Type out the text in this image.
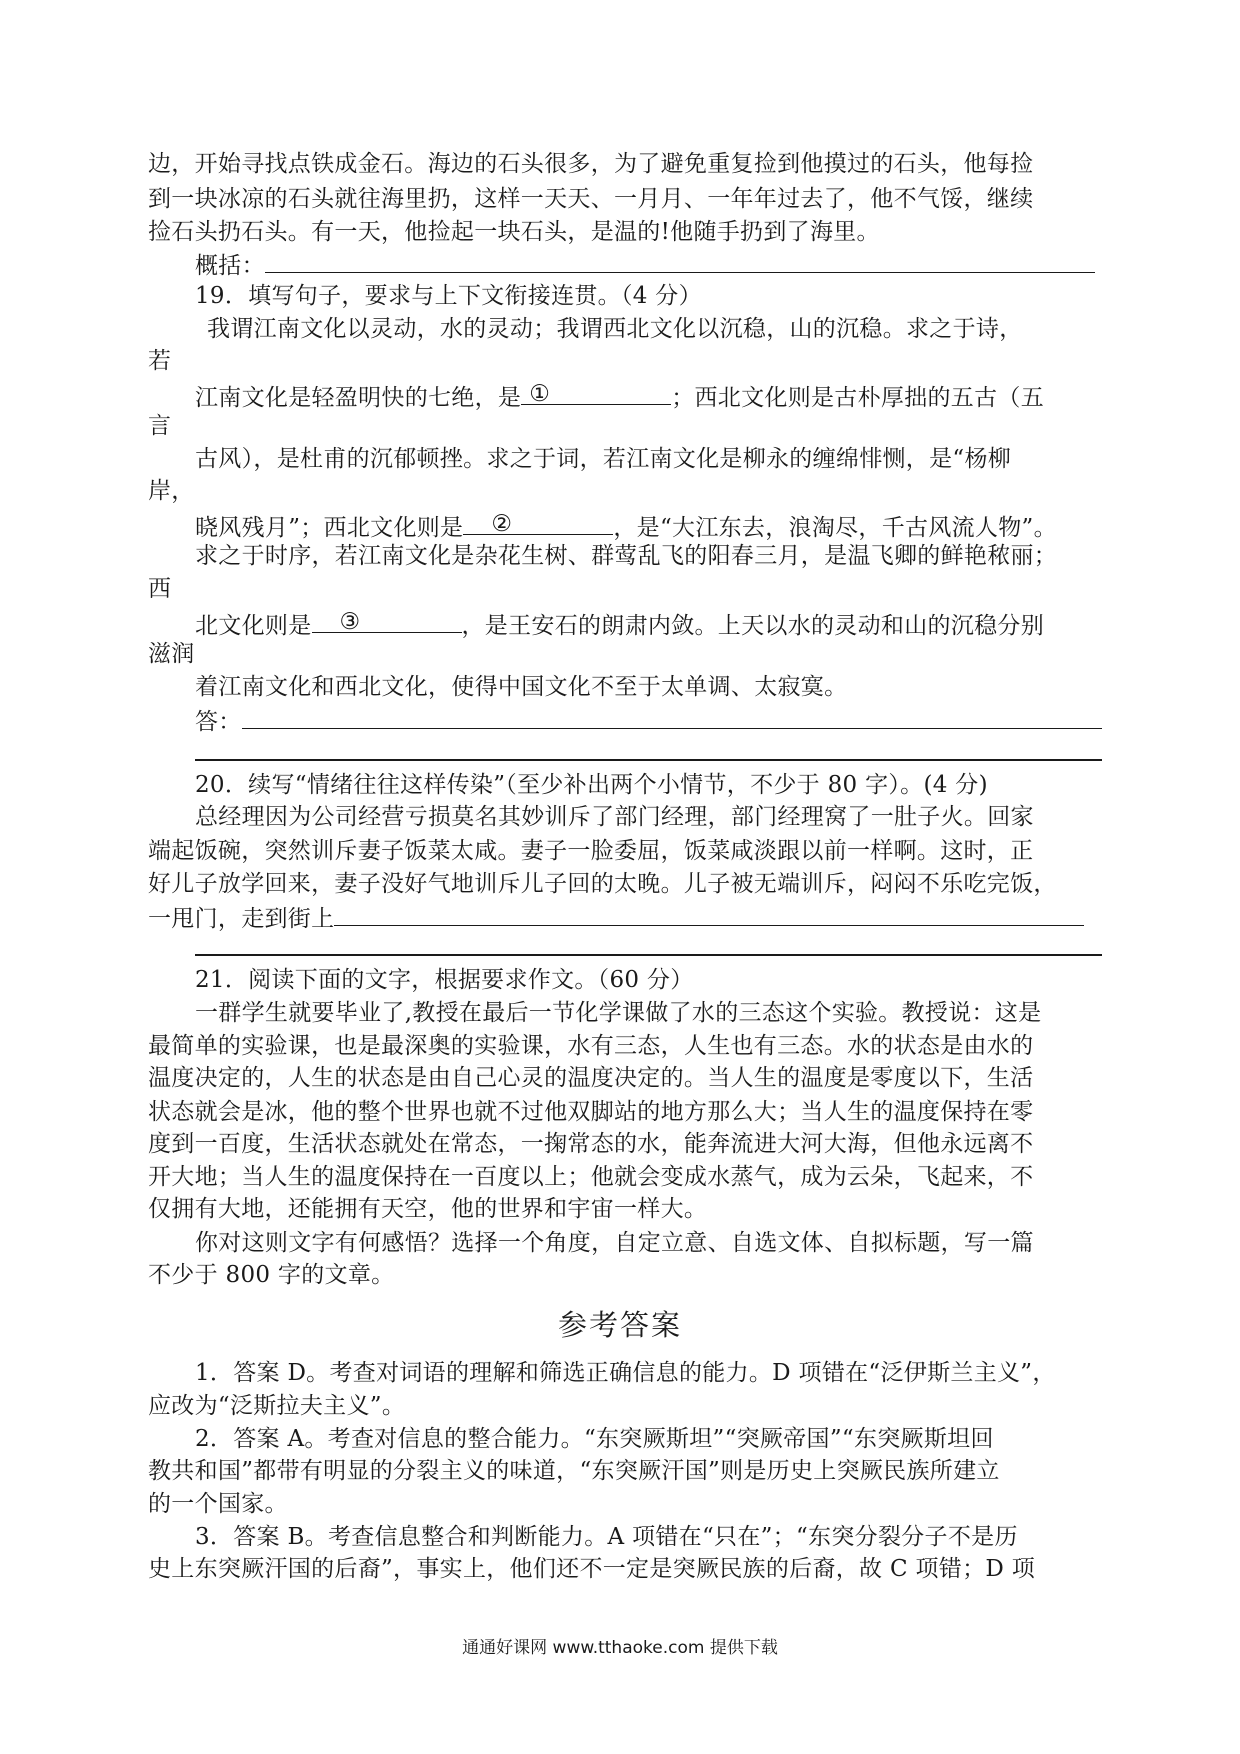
边，开始寻找点铁成金石。海边的石头很多，为了避免重复捡到他摸过的石头，他每捡
到一块冰凉的石头就往海里扔，这样一天天、一月月、一年年过去了，他不气馁，继续
捡石头扔石头。有一天，他捡起一块石头，是温的!他随手扔到了海里。
概括：
19．填写句子，要求与上下文衔接连贯。（4 分）
我谓江南文化以灵动，水的灵动；我谓西北文化以沉稳，山的沉稳。求之于诗，
若
江南文化是轻盈明快的七绝，是 ①	；西北文化则是古朴厚拙的五古（五
言
古风），是杜甫的沉郁顿挫。求之于词，若江南文化是柳永的缠绵悱恻，是“杨柳
岸，
晓风残月”；西北文化则是	②	，是“大江东去，浪淘尽，千古风流人物”。
求之于时序，若江南文化是杂花生树、群莺乱飞的阳春三月，是温飞卿的鲜艳秾丽；
西
北文化则是	③	，是王安石的朗肃内敛。上天以水的灵动和山的沉稳分别
滋润
着江南文化和西北文化，使得中国文化不至于太单调、太寂寞。
答：
20．续写“情绪往往这样传染”（至少补出两个小情节，不少于 80 字）。(4 分)
总经理因为公司经营亏损莫名其妙训斥了部门经理，部门经理窝了一肚子火。回家
端起饭碗，突然训斥妻子饭菜太咸。妻子一脸委屈，饭菜咸淡跟以前一样啊。这时，正
好儿子放学回来，妻子没好气地训斥儿子回的太晚。儿子被无端训斥，闷闷不乐吃完饭，
一甩门，走到街上
21．阅读下面的文字，根据要求作文。（60 分）
一群学生就要毕业了,教授在最后一节化学课做了水的三态这个实验。教授说：这是
最简单的实验课，也是最深奥的实验课，水有三态，人生也有三态。水的状态是由水的
温度决定的，人生的状态是由自己心灵的温度决定的。当人生的温度是零度以下，生活
状态就会是冰，他的整个世界也就不过他双脚站的地方那么大；当人生的温度保持在零
度到一百度，生活状态就处在常态，一掬常态的水，能奔流进大河大海，但他永远离不
开大地；当人生的温度保持在一百度以上；他就会变成水蒸气，成为云朵，飞起来，不
仅拥有大地，还能拥有天空，他的世界和宇宙一样大。
你对这则文字有何感悟？选择一个角度，自定立意、自选文体、自拟标题，写一篇
不少于 800 字的文章。
参考答案
1．答案 D。考查对词语的理解和筛选正确信息的能力。D 项错在“泛伊斯兰主义”，
应改为“泛斯拉夫主义”。
2．答案 A。考查对信息的整合能力。“东突厥斯坦”“突厥帝国”“东突厥斯坦回
教共和国”都带有明显的分裂主义的味道，“东突厥汗国”则是历史上突厥民族所建立
的一个国家。
3．答案 B。考查信息整合和判断能力。A 项错在“只在”；“东突分裂分子不是历
史上东突厥汗国的后裔”，事实上，他们还不一定是突厥民族的后裔，故 C 项错；D 项
通通好课网 www.tthaoke.com 提供下载
